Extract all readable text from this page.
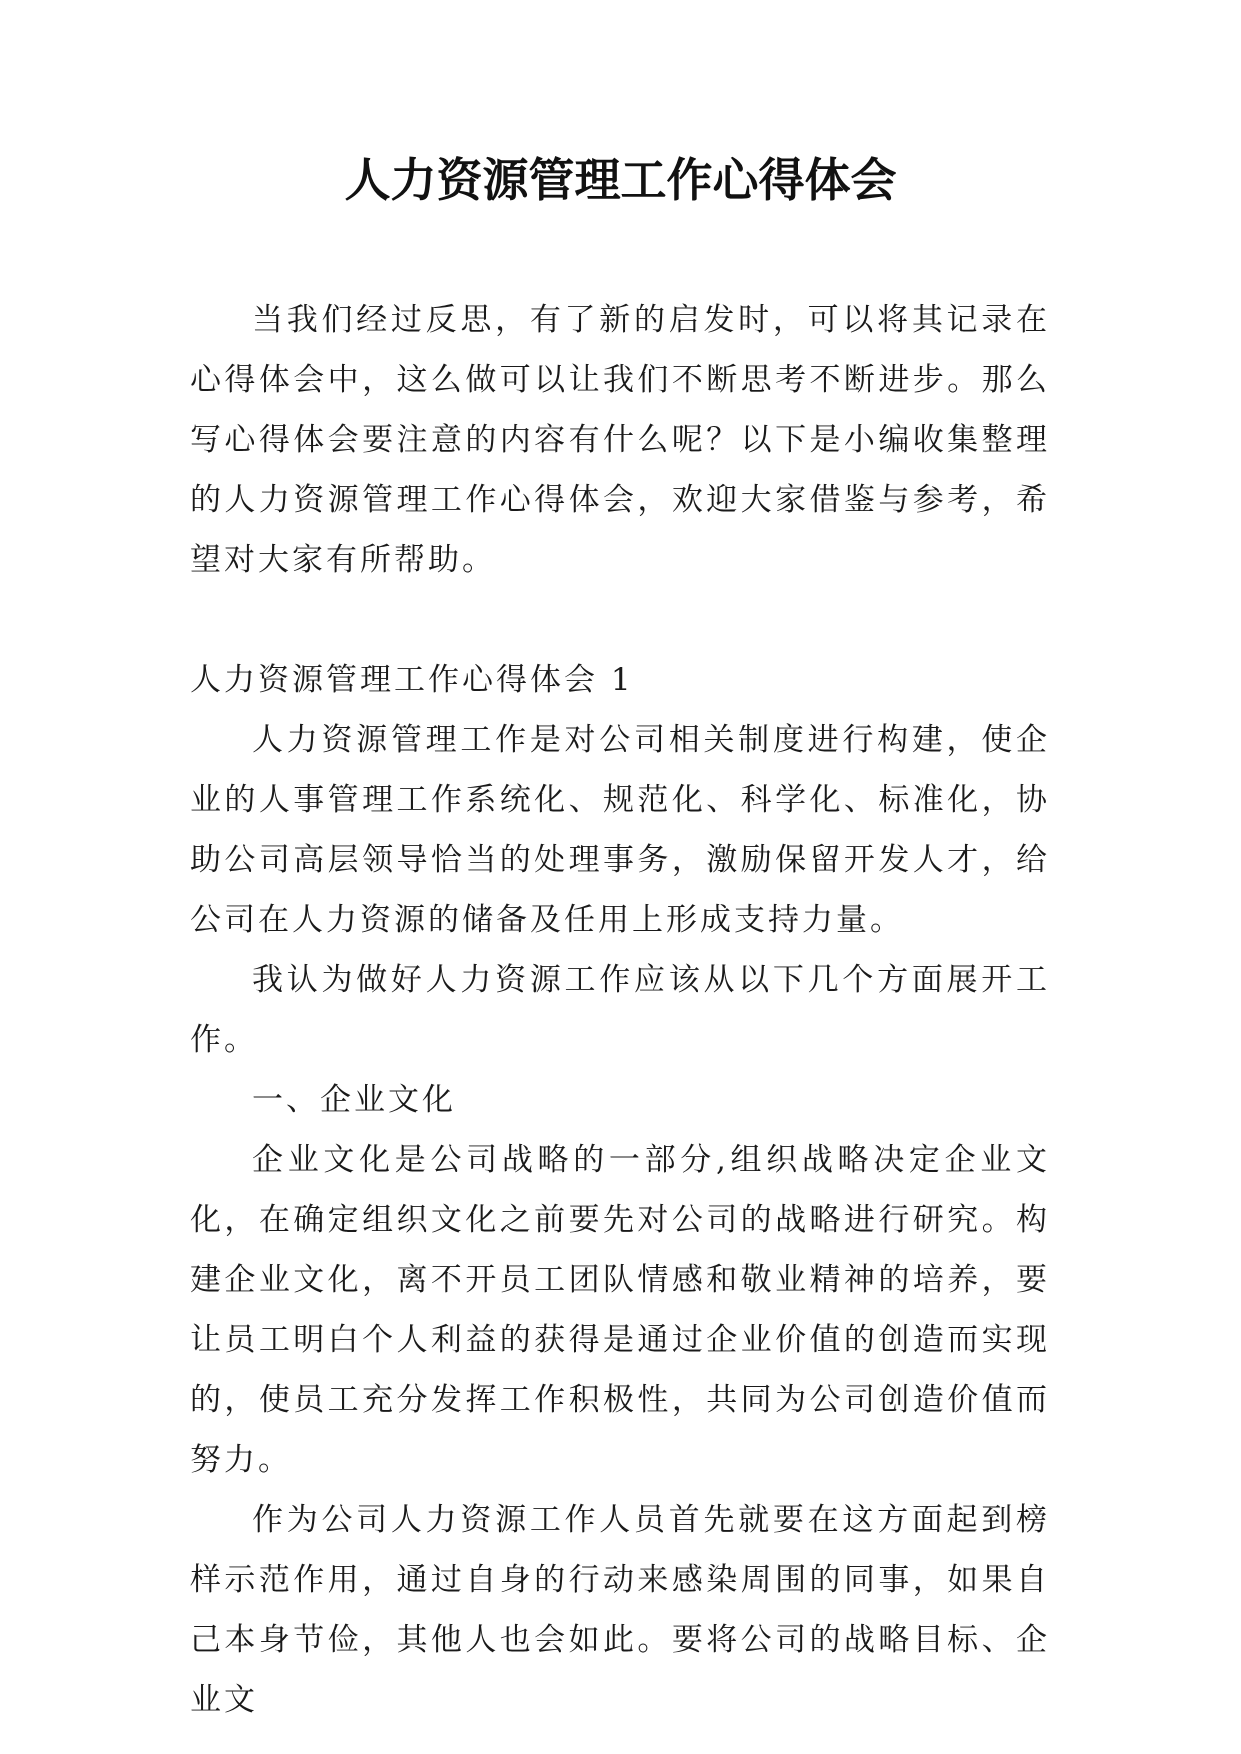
人力资源管理工作心得体会

当我们经过反思，有了新的启发时，可以将其记录在心得体会中，这么做可以让我们不断思考不断进步。那么写心得体会要注意的内容有什么呢？以下是小编收集整理的人力资源管理工作心得体会，欢迎大家借鉴与参考，希望对大家有所帮助。

人力资源管理工作心得体会 1

人力资源管理工作是对公司相关制度进行构建，使企业的人事管理工作系统化、规范化、科学化、标准化，协助公司高层领导恰当的处理事务，激励保留开发人才，给公司在人力资源的储备及任用上形成支持力量。

我认为做好人力资源工作应该从以下几个方面展开工作。

一、企业文化

企业文化是公司战略的一部分,组织战略决定企业文化，在确定组织文化之前要先对公司的战略进行研究。构建企业文化，离不开员工团队情感和敬业精神的培养，要让员工明白个人利益的获得是通过企业价值的创造而实现的，使员工充分发挥工作积极性，共同为公司创造价值而努力。

作为公司人力资源工作人员首先就要在这方面起到榜样示范作用，通过自身的行动来感染周围的同事，如果自己本身节俭，其他人也会如此。要将公司的战略目标、企业文
